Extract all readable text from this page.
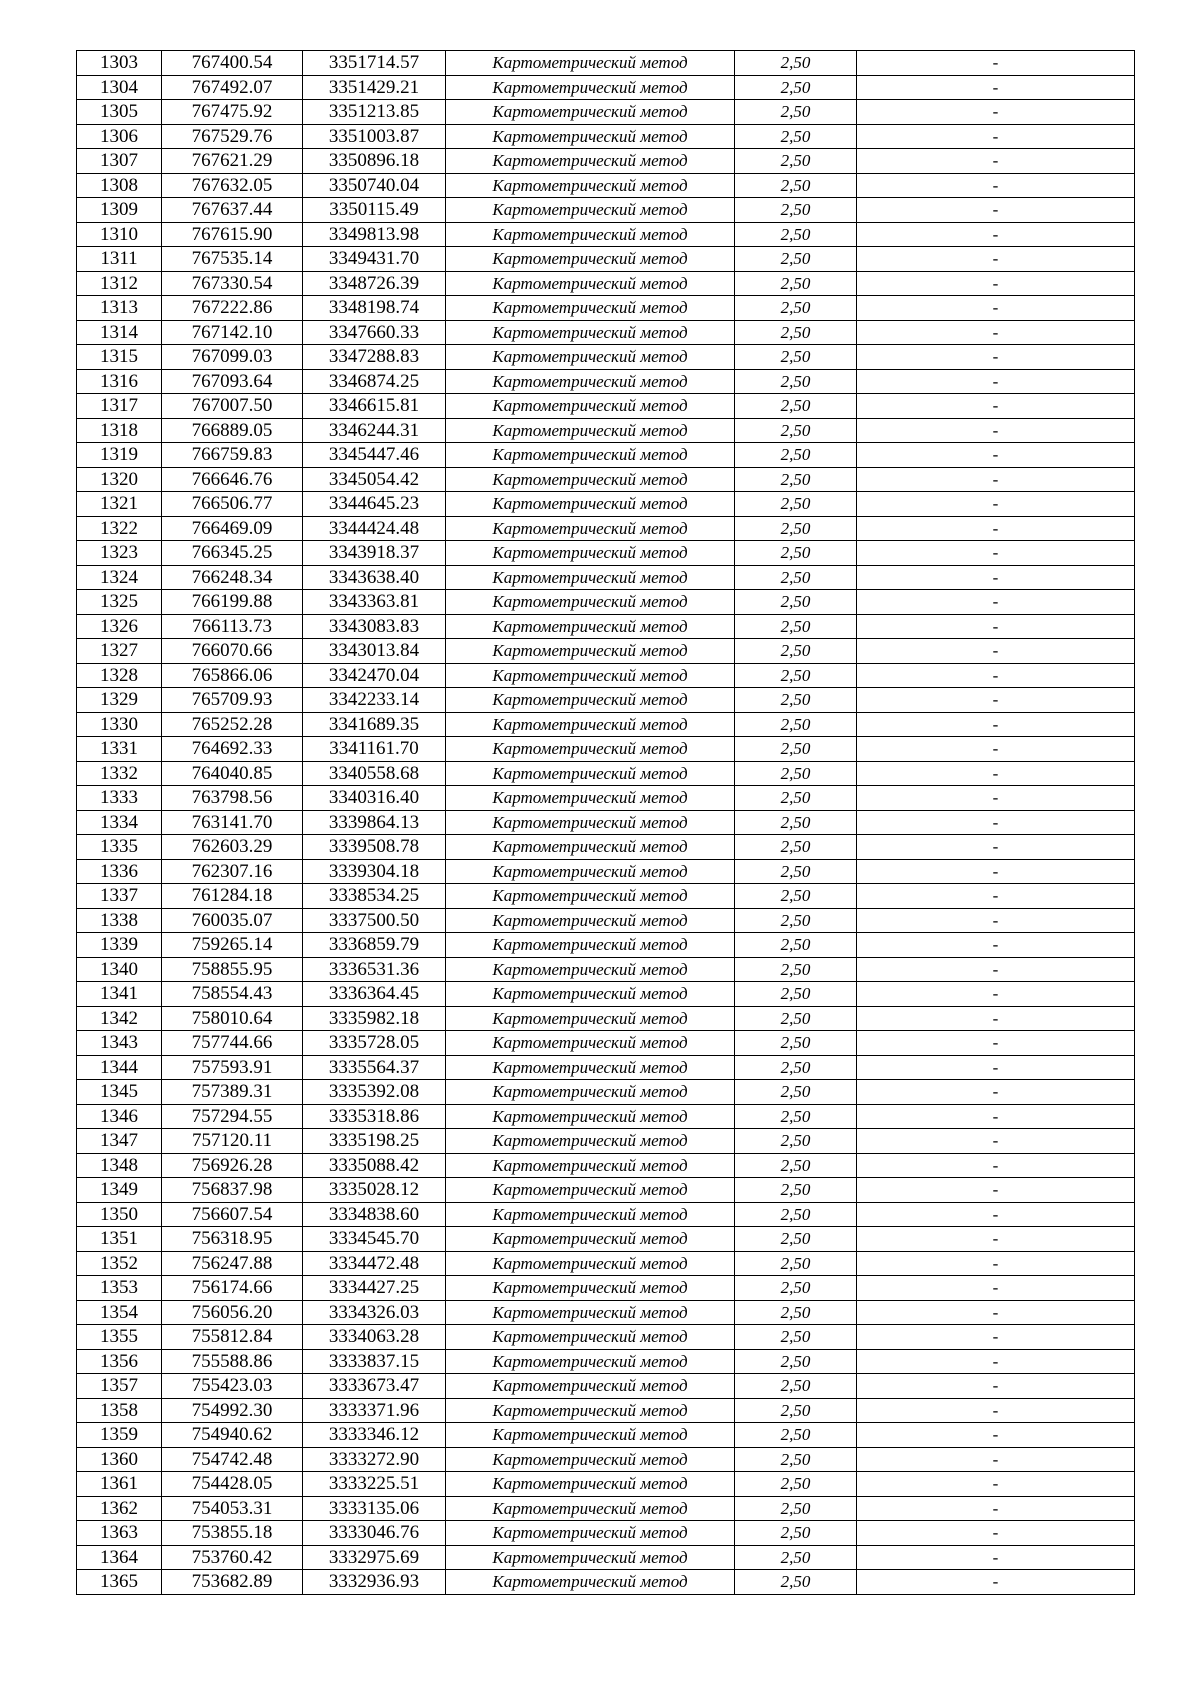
1303	767400.54	3351714.57	Картометрический метод	2,50	-
1304	767492.07	3351429.21	Картометрический метод	2,50	-
1305	767475.92	3351213.85	Картометрический метод	2,50	-
1306	767529.76	3351003.87	Картометрический метод	2,50	-
1307	767621.29	3350896.18	Картометрический метод	2,50	-
1308	767632.05	3350740.04	Картометрический метод	2,50	-
1309	767637.44	3350115.49	Картометрический метод	2,50	-
1310	767615.90	3349813.98	Картометрический метод	2,50	-
1311	767535.14	3349431.70	Картометрический метод	2,50	-
1312	767330.54	3348726.39	Картометрический метод	2,50	-
1313	767222.86	3348198.74	Картометрический метод	2,50	-
1314	767142.10	3347660.33	Картометрический метод	2,50	-
1315	767099.03	3347288.83	Картометрический метод	2,50	-
1316	767093.64	3346874.25	Картометрический метод	2,50	-
1317	767007.50	3346615.81	Картометрический метод	2,50	-
1318	766889.05	3346244.31	Картометрический метод	2,50	-
1319	766759.83	3345447.46	Картометрический метод	2,50	-
1320	766646.76	3345054.42	Картометрический метод	2,50	-
1321	766506.77	3344645.23	Картометрический метод	2,50	-
1322	766469.09	3344424.48	Картометрический метод	2,50	-
1323	766345.25	3343918.37	Картометрический метод	2,50	-
1324	766248.34	3343638.40	Картометрический метод	2,50	-
1325	766199.88	3343363.81	Картометрический метод	2,50	-
1326	766113.73	3343083.83	Картометрический метод	2,50	-
1327	766070.66	3343013.84	Картометрический метод	2,50	-
1328	765866.06	3342470.04	Картометрический метод	2,50	-
1329	765709.93	3342233.14	Картометрический метод	2,50	-
1330	765252.28	3341689.35	Картометрический метод	2,50	-
1331	764692.33	3341161.70	Картометрический метод	2,50	-
1332	764040.85	3340558.68	Картометрический метод	2,50	-
1333	763798.56	3340316.40	Картометрический метод	2,50	-
1334	763141.70	3339864.13	Картометрический метод	2,50	-
1335	762603.29	3339508.78	Картометрический метод	2,50	-
1336	762307.16	3339304.18	Картометрический метод	2,50	-
1337	761284.18	3338534.25	Картометрический метод	2,50	-
1338	760035.07	3337500.50	Картометрический метод	2,50	-
1339	759265.14	3336859.79	Картометрический метод	2,50	-
1340	758855.95	3336531.36	Картометрический метод	2,50	-
1341	758554.43	3336364.45	Картометрический метод	2,50	-
1342	758010.64	3335982.18	Картометрический метод	2,50	-
1343	757744.66	3335728.05	Картометрический метод	2,50	-
1344	757593.91	3335564.37	Картометрический метод	2,50	-
1345	757389.31	3335392.08	Картометрический метод	2,50	-
1346	757294.55	3335318.86	Картометрический метод	2,50	-
1347	757120.11	3335198.25	Картометрический метод	2,50	-
1348	756926.28	3335088.42	Картометрический метод	2,50	-
1349	756837.98	3335028.12	Картометрический метод	2,50	-
1350	756607.54	3334838.60	Картометрический метод	2,50	-
1351	756318.95	3334545.70	Картометрический метод	2,50	-
1352	756247.88	3334472.48	Картометрический метод	2,50	-
1353	756174.66	3334427.25	Картометрический метод	2,50	-
1354	756056.20	3334326.03	Картометрический метод	2,50	-
1355	755812.84	3334063.28	Картометрический метод	2,50	-
1356	755588.86	3333837.15	Картометрический метод	2,50	-
1357	755423.03	3333673.47	Картометрический метод	2,50	-
1358	754992.30	3333371.96	Картометрический метод	2,50	-
1359	754940.62	3333346.12	Картометрический метод	2,50	-
1360	754742.48	3333272.90	Картометрический метод	2,50	-
1361	754428.05	3333225.51	Картометрический метод	2,50	-
1362	754053.31	3333135.06	Картометрический метод	2,50	-
1363	753855.18	3333046.76	Картометрический метод	2,50	-
1364	753760.42	3332975.69	Картометрический метод	2,50	-
1365	753682.89	3332936.93	Картометрический метод	2,50	-
